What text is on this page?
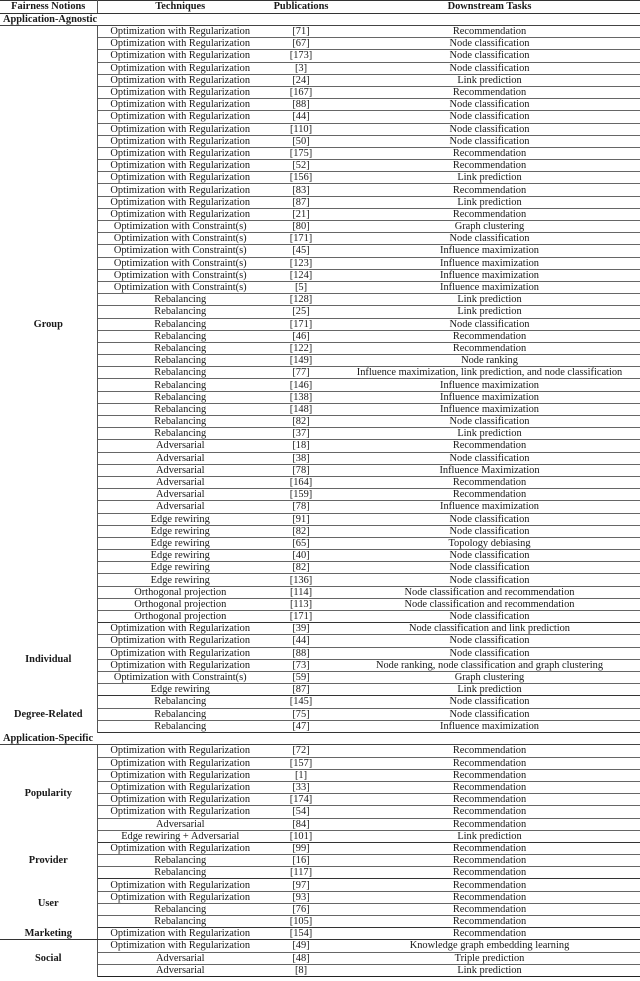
Fairness Notions	Techniques	Publications	Downstream Tasks
Application-Agnostic			
Group	Optimization with Regularization	[71]	Recommendation
	Optimization with Regularization	[67]	Node classification
	Optimization with Regularization	[173]	Node classification
	Optimization with Regularization	[3]	Node classification
	Optimization with Regularization	[24]	Link prediction
	Optimization with Regularization	[167]	Recommendation
	Optimization with Regularization	[88]	Node classification
	Optimization with Regularization	[44]	Node classification
	Optimization with Regularization	[110]	Node classification
	Optimization with Regularization	[50]	Node classification
	Optimization with Regularization	[175]	Recommendation
	Optimization with Regularization	[52]	Recommendation
	Optimization with Regularization	[156]	Link prediction
	Optimization with Regularization	[83]	Recommendation
	Optimization with Regularization	[87]	Link prediction
	Optimization with Regularization	[21]	Recommendation
	Optimization with Constraint(s)	[80]	Graph clustering
	Optimization with Constraint(s)	[171]	Node classification
	Optimization with Constraint(s)	[45]	Influence maximization
	Optimization with Constraint(s)	[123]	Influence maximization
	Optimization with Constraint(s)	[124]	Influence maximization
	Optimization with Constraint(s)	[5]	Influence maximization
	Rebalancing	[128]	Link prediction
	Rebalancing	[25]	Link prediction
	Rebalancing	[171]	Node classification
	Rebalancing	[46]	Recommendation
	Rebalancing	[122]	Recommendation
	Rebalancing	[149]	Node ranking
	Rebalancing	[77]	Influence maximization, link prediction, and node classification
	Rebalancing	[146]	Influence maximization
	Rebalancing	[138]	Influence maximization
	Rebalancing	[148]	Influence maximization
	Rebalancing	[82]	Node classification
	Rebalancing	[37]	Link prediction
	Adversarial	[18]	Recommendation
	Adversarial	[38]	Node classification
	Adversarial	[78]	Influence Maximization
	Adversarial	[164]	Recommendation
	Adversarial	[159]	Recommendation
	Adversarial	[78]	Influence maximization
	Edge rewiring	[91]	Node classification
	Edge rewiring	[82]	Node classification
	Edge rewiring	[65]	Topology debiasing
	Edge rewiring	[40]	Node classification
	Edge rewiring	[82]	Node classification
	Edge rewiring	[136]	Node classification
	Orthogonal projection	[114]	Node classification and recommendation
	Orthogonal projection	[113]	Node classification and recommendation
	Orthogonal projection	[171]	Node classification
Individual	Optimization with Regularization	[39]	Node classification and link prediction
	Optimization with Regularization	[44]	Node classification
	Optimization with Regularization	[88]	Node classification
	Optimization with Regularization	[73]	Node ranking, node classification and graph clustering
	Optimization with Constraint(s)	[59]	Graph clustering
	Edge rewiring	[87]	Link prediction
Degree-Related	Rebalancing	[145]	Node classification
	Rebalancing	[75]	Node classification
	Rebalancing	[47]	Influence maximization
Application-Specific			
Popularity	Optimization with Regularization	[72]	Recommendation
	Optimization with Regularization	[157]	Recommendation
	Optimization with Regularization	[1]	Recommendation
	Optimization with Regularization	[33]	Recommendation
	Optimization with Regularization	[174]	Recommendation
	Optimization with Regularization	[54]	Recommendation
	Adversarial	[84]	Recommendation
	Edge rewiring + Adversarial	[101]	Link prediction
Provider	Optimization with Regularization	[99]	Recommendation
	Rebalancing	[16]	Recommendation
	Rebalancing	[117]	Recommendation
User	Optimization with Regularization	[97]	Recommendation
	Optimization with Regularization	[93]	Recommendation
	Rebalancing	[76]	Recommendation
	Rebalancing	[105]	Recommendation
Marketing	Optimization with Regularization	[154]	Recommendation
Social	Optimization with Regularization	[49]	Knowledge graph embedding learning
	Adversarial	[48]	Triple prediction
	Adversarial	[8]	Link prediction
